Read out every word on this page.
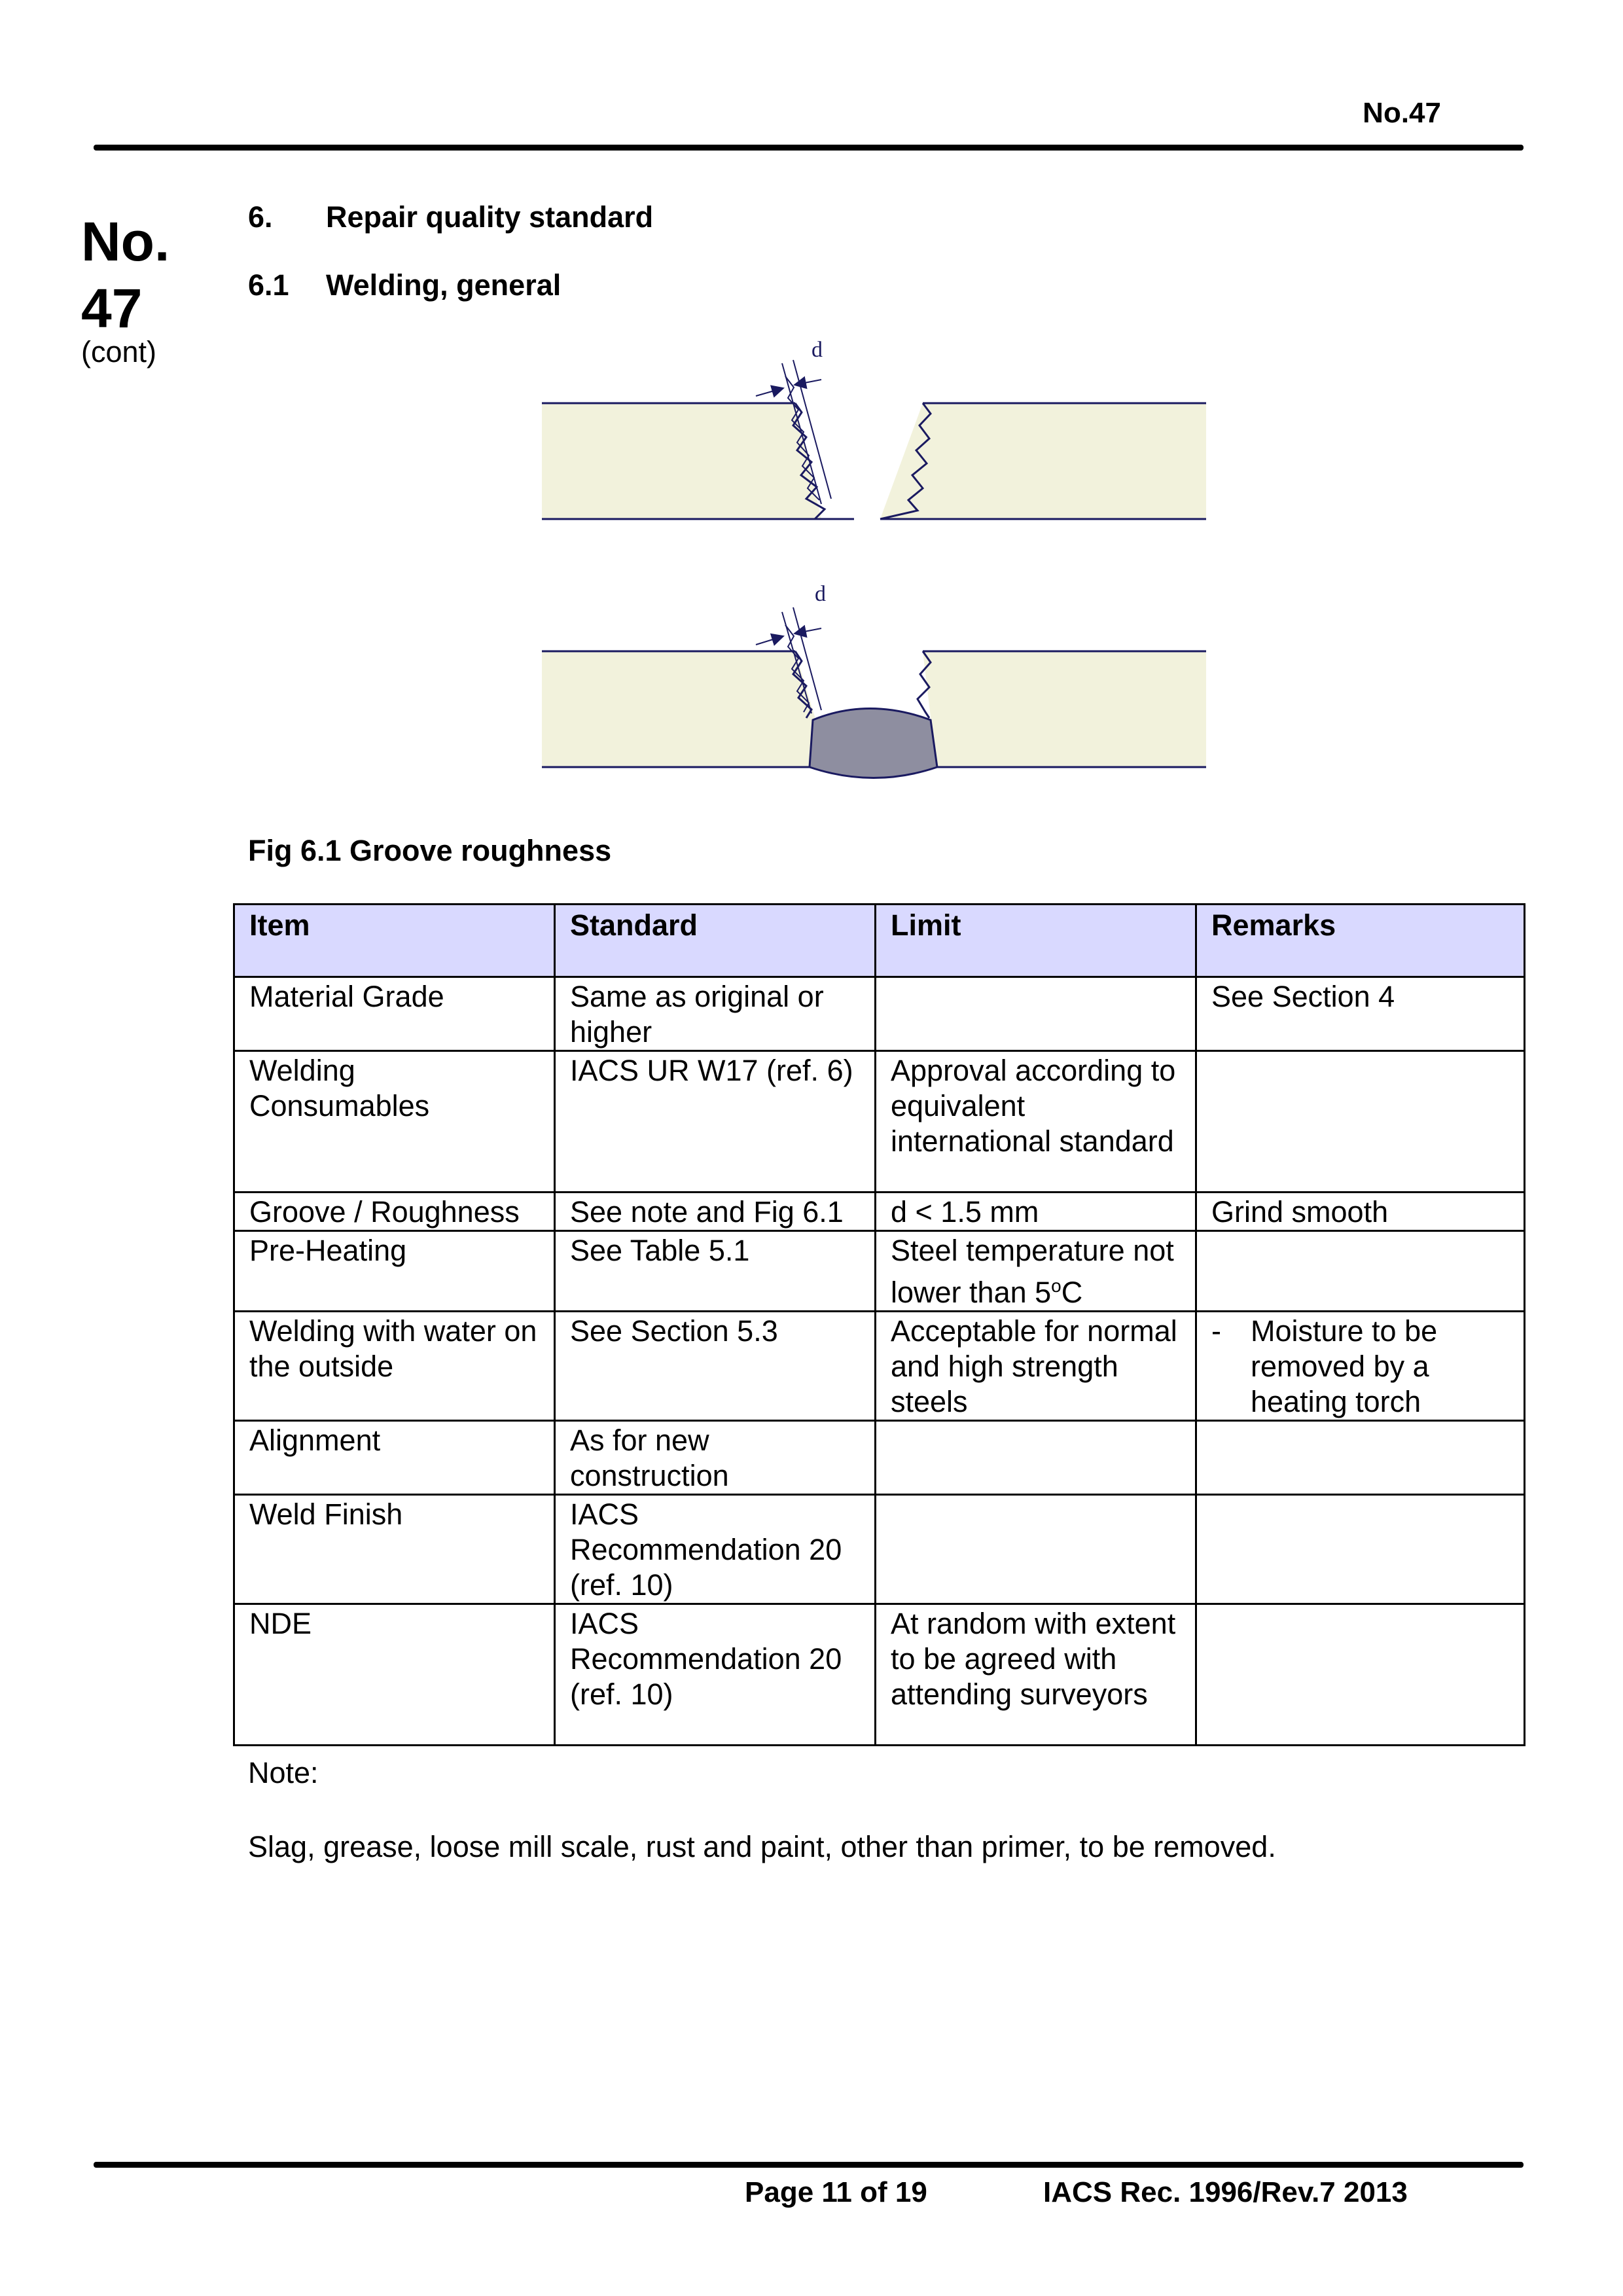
No.47
No.
47
(cont)
6. Repair quality standard
6.1 Welding, general
d
d
Fig 6.1 Groove roughness
Item	Standard	Limit	Remarks
Material Grade	Same as original or higher		See Section 4
Welding Consumables	IACS UR W17 (ref. 6)	Approval according to equivalent international standard	
Groove / Roughness	See note and Fig 6.1	d < 1.5 mm	Grind smooth
Pre-Heating	See Table 5.1	Steel temperature not lower than 5$^o$C	
Welding with water on the outside	See Section 5.3	Acceptable for normal and high strength steels	- Moisture to be removed by a heating torch

Alignment	As for new construction		
Weld Finish	IACS Recommendation 20 (ref. 10)		
NDE	IACS Recommendation 20 (ref. 10)	At random with extent to be agreed with attending surveyors	
Note:
Slag, grease, loose mill scale, rust and paint, other than primer, to be removed.
Page 11 of 19	IACS Rec. 1996/Rev.7 2013
